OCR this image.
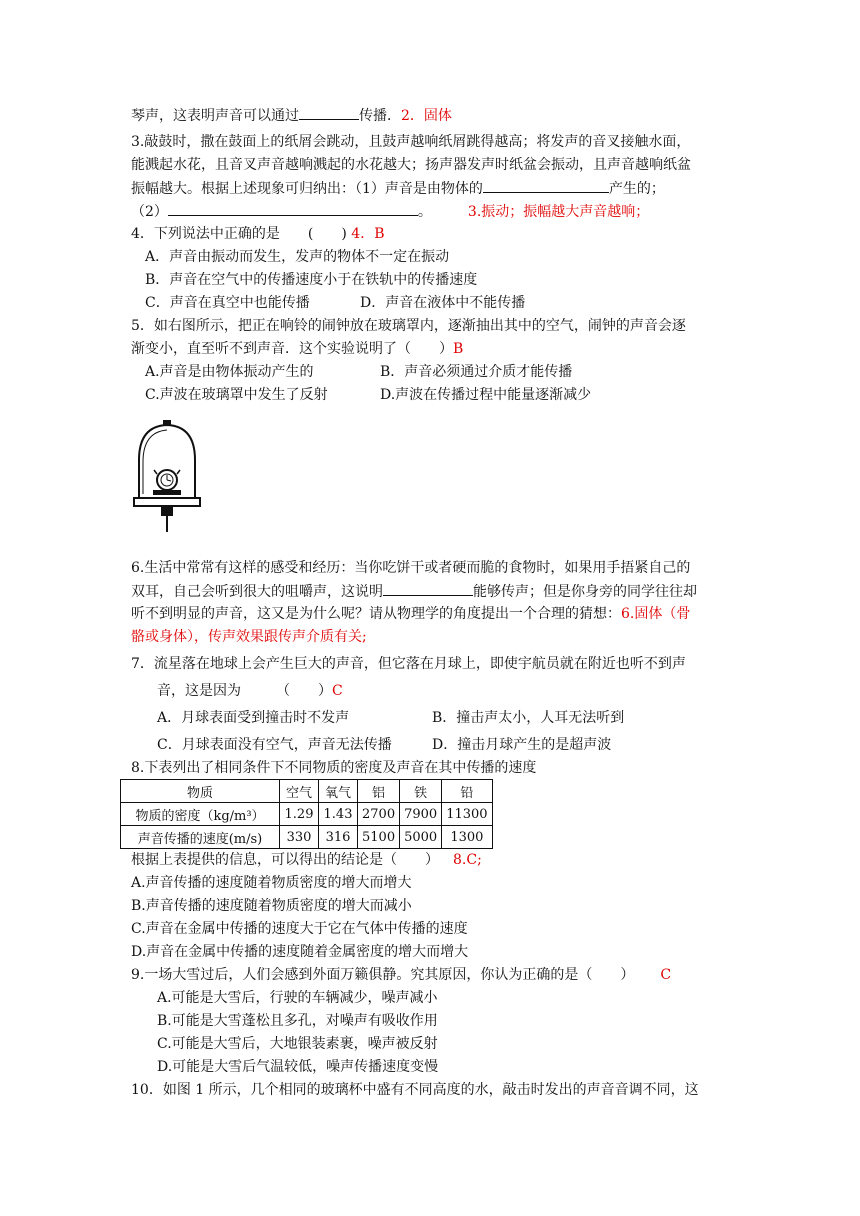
琴声，这表明声音可以通过	传播．2．固体
3.敲鼓时，撒在鼓面上的纸屑会跳动，且鼓声越响纸屑跳得越高；将发声的音叉接触水面，
能溅起水花，且音叉声音越响溅起的水花越大；扬声器发声时纸盆会振动，且声音越响纸盆
振幅越大。根据上述现象可归纳出：（1）声音是由物体的	产生的；
（2）	。	3.振动；振幅越大声音越响；
4．下列说法中正确的是　　(　　) 4．B
A．声音由振动而发生，发声的物体不一定在振动
B．声音在空气中的传播速度小于在铁轨中的传播速度
C．声音在真空中也能传播	D．声音在液体中不能传播
5．如右图所示，把正在响铃的闹钟放在玻璃罩内，逐渐抽出其中的空气，闹钟的声音会逐
渐变小，直至听不到声音．这个实验说明了（　　）B
A.声音是由物体振动产生的	B．声音必须通过介质才能传播
C.声波在玻璃罩中发生了反射	D.声波在传播过程中能量逐渐减少
6.生活中常常有这样的感受和经历：当你吃饼干或者硬而脆的食物时，如果用手捂紧自己的
双耳，自己会听到很大的咀嚼声，这说明	能够传声；但是你身旁的同学往往却
听不到明显的声音，这又是为什么呢？请从物理学的角度提出一个合理的猜想：6.固体（骨
骼或身体），传声效果跟传声介质有关;
7．流星落在地球上会产生巨大的声音，但它落在月球上，即使宇航员就在附近也听不到声
音，这是因为　　　（　　）C
A．月球表面受到撞击时不发声	B．撞击声太小，人耳无法听到
C．月球表面没有空气，声音无法传播	D．撞击月球产生的是超声波
8.下表列出了相同条件下不同物质的密度及声音在其中传播的速度
物质	空气	氧气	铝	铁	铅
物质的密度（kg/m³）	1.29	1.43	2700	7900	11300
声音传播的速度(m/s)	330	316	5100	5000	1300
根据上表提供的信息，可以得出的结论是（　　） 8.C;
A.声音传播的速度随着物质密度的增大而增大
B.声音传播的速度随着物质密度的增大而减小
C.声音在金属中传播的速度大于它在气体中传播的速度
D.声音在金属中传播的速度随着金属密度的增大而增大
9.一场大雪过后，人们会感到外面万籁俱静。究其原因，你认为正确的是（　　） C
A.可能是大雪后，行驶的车辆减少，噪声减小
B.可能是大雪蓬松且多孔，对噪声有吸收作用
C.可能是大雪后，大地银装素裹，噪声被反射
D.可能是大雪后气温较低，噪声传播速度变慢
10．如图 1 所示，几个相同的玻璃杯中盛有不同高度的水，敲击时发出的声音音调不同，这
